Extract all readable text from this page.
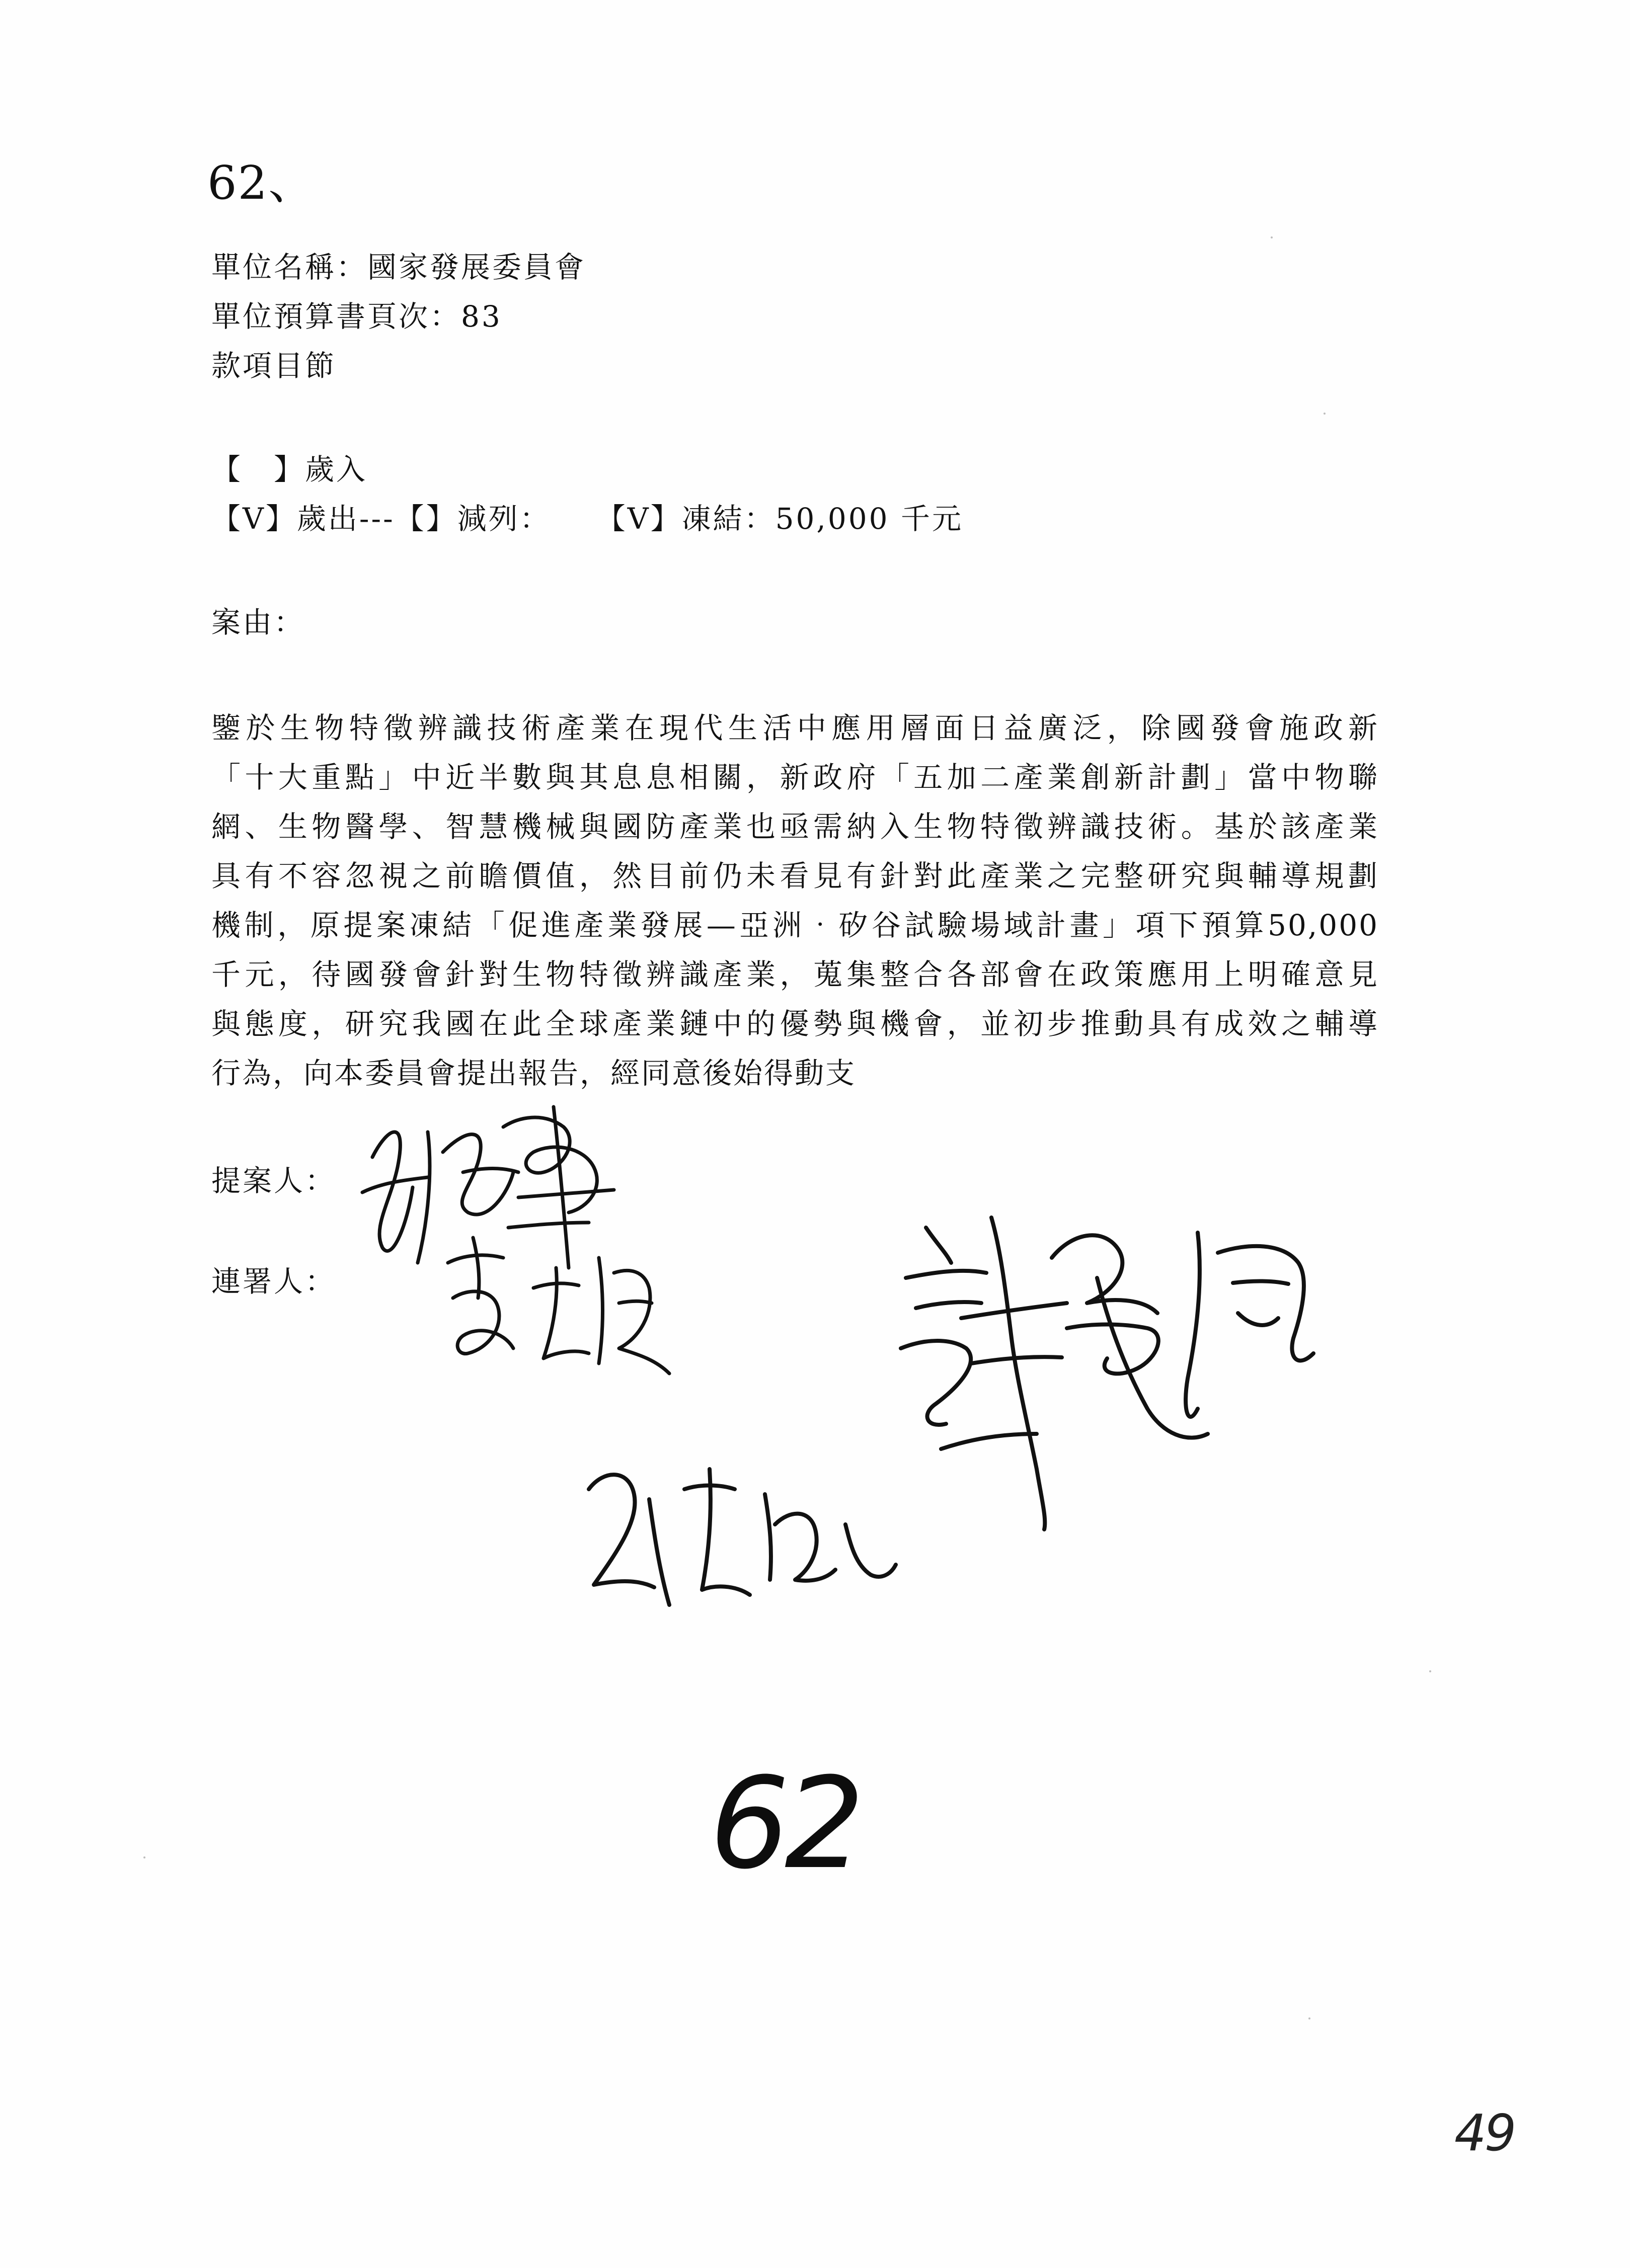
62、
單位名稱：國家發展委員會
單位預算書頁次：83
款項目節
【　】歲入
【V】歲出---【】減列： 【V】凍結：50,000 千元
案由：
鑒於生物特徵辨識技術產業在現代生活中應用層面日益廣泛，除國發會施政新
「十大重點」中近半數與其息息相關，新政府「五加二產業創新計劃」當中物聯
網、生物醫學、智慧機械與國防產業也亟需納入生物特徵辨識技術。基於該產業
具有不容忽視之前瞻價值，然目前仍未看見有針對此產業之完整研究與輔導規劃
機制，原提案凍結「促進產業發展—亞洲‧矽谷試驗場域計畫」項下預算50,000
千元，待國發會針對生物特徵辨識產業，蒐集整合各部會在政策應用上明確意見
與態度，研究我國在此全球產業鏈中的優勢與機會，並初步推動具有成效之輔導
行為，向本委員會提出報告，經同意後始得動支
提案人：
連署人：
62
49
